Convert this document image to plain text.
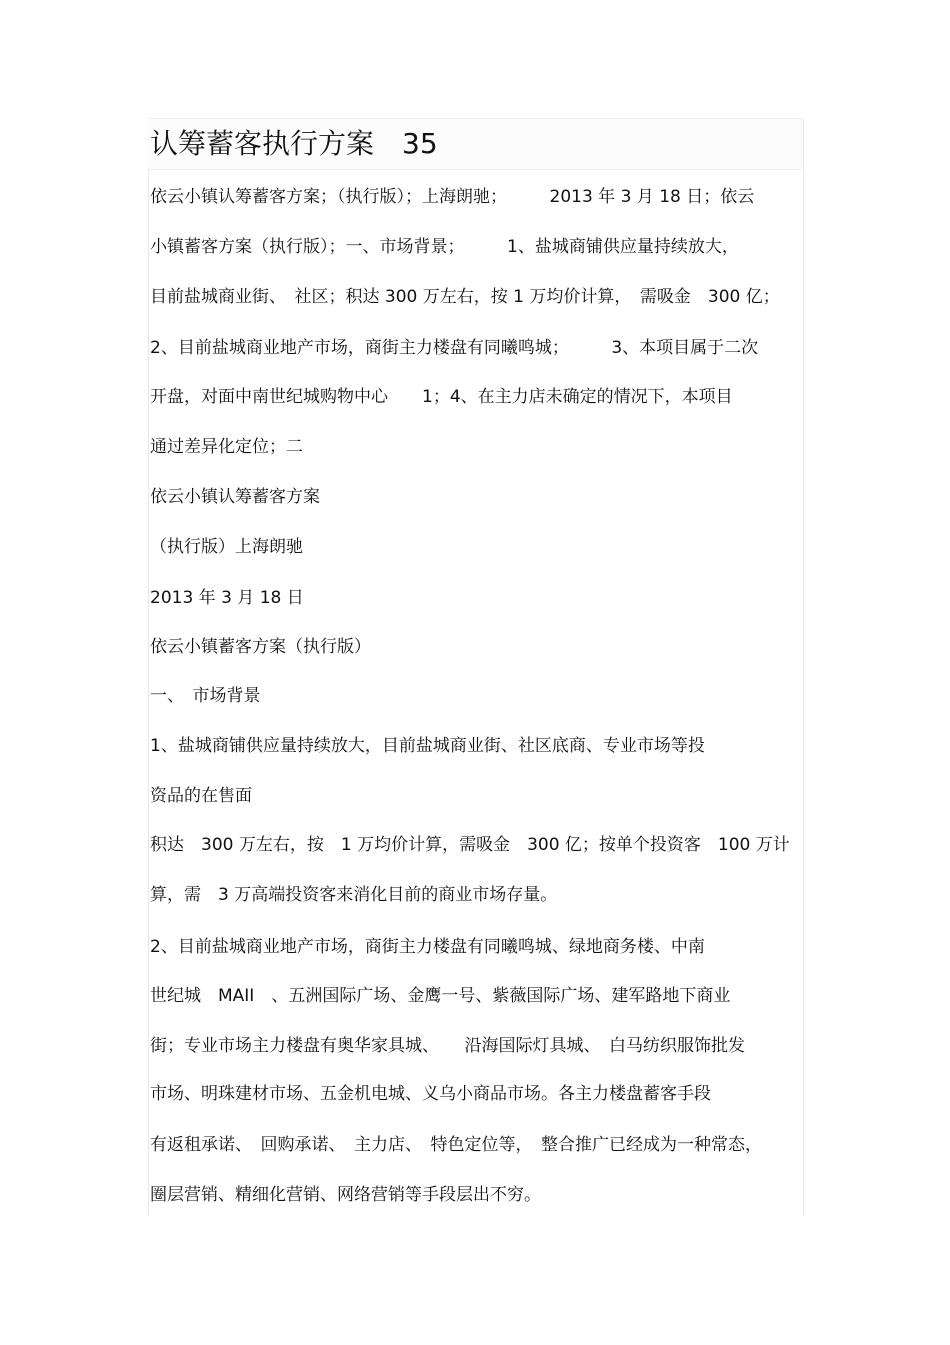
认筹蓄客执行方案　35
依云小镇认筹蓄客方案；（执行版）；上海朗驰；　　　2013 年 3 月 18 日；依云
小镇蓄客方案（执行版）；一、市场背景；　　　1、盐城商铺供应量持续放大，
目前盐城商业街、　社区；积达 300 万左右，按 1 万均价计算，　需吸金　300 亿；
2、目前盐城商业地产市场，商街主力楼盘有同曦鸣城；　　　3、本项目属于二次
开盘，对面中南世纪城购物中心　　1；4、在主力店未确定的情况下，本项目
通过差异化定位；二
依云小镇认筹蓄客方案
（执行版）上海朗驰
2013 年 3 月 18 日
依云小镇蓄客方案（执行版）
一、　市场背景
1、盐城商铺供应量持续放大，目前盐城商业街、社区底商、专业市场等投
资品的在售面
积达　300 万左右，按　1 万均价计算，需吸金　300 亿；按单个投资客　100 万计
算，需　3 万高端投资客来消化目前的商业市场存量。
2、目前盐城商业地产市场，商街主力楼盘有同曦鸣城、绿地商务楼、中南
世纪城　MAII　、五洲国际广场、金鹰一号、紫薇国际广场、建军路地下商业
街；专业市场主力楼盘有奥华家具城、　　沿海国际灯具城、　白马纺织服饰批发
市场、明珠建材市场、五金机电城、义乌小商品市场。各主力楼盘蓄客手段
有返租承诺、　回购承诺、　主力店、　特色定位等，　整合推广已经成为一种常态，
圈层营销、精细化营销、网络营销等手段层出不穷。
